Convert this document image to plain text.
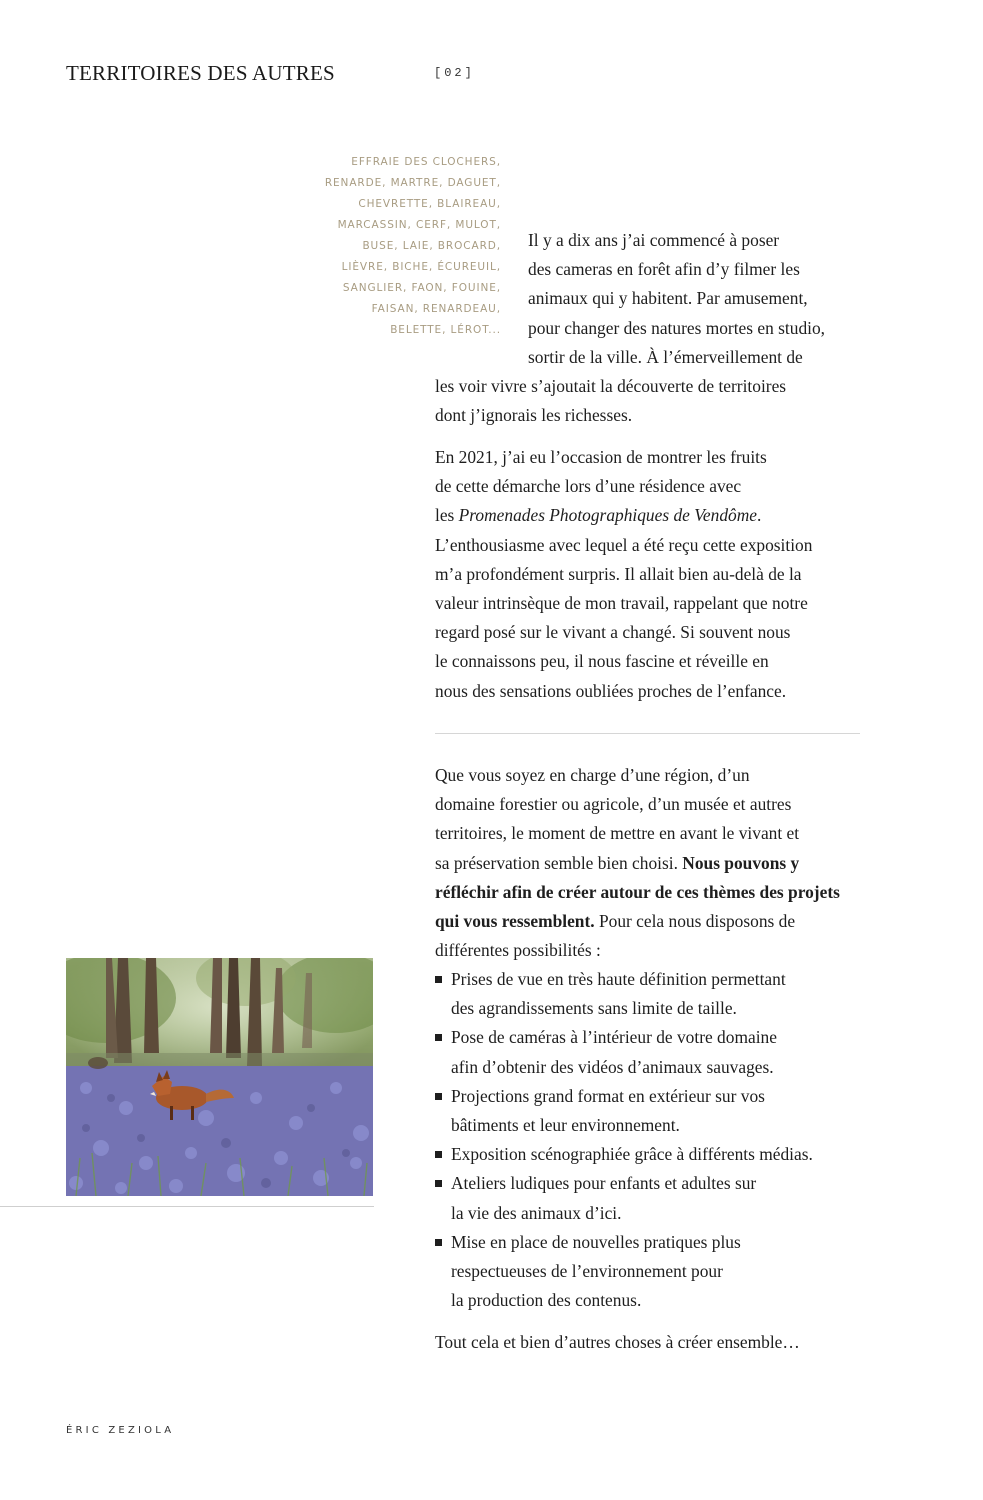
TERRITOIRES DES AUTRES	[02]
EFFRAIE DES CLOCHERS,
RENARDE, MARTRE, DAGUET,
CHEVRETTE, BLAIREAU,
MARCASSIN, CERF, MULOT,
BUSE, LAIE, BROCARD,
LIÈVRE, BICHE, ÉCUREUIL,
SANGLIER, FAON, FOUINE,
FAISAN, RENARDEAU,
BELETTE, LÉROT...
Il y a dix ans j’ai commencé à poser
des cameras en forêt afin d’y filmer les
animaux qui y habitent. Par amusement,
pour changer des natures mortes en studio,
sortir de la ville. À l’émerveillement de
les voir vivre s’ajoutait la découverte de territoires
dont j’ignorais les richesses.
En 2021, j’ai eu l’occasion de montrer les fruits
de cette démarche lors d’une résidence avec
les Promenades Photographiques de Vendôme.
L’enthousiasme avec lequel a été reçu cette exposition
m’a profondément surpris. Il allait bien au-delà de la
valeur intrinsèque de mon travail, rappelant que notre
regard posé sur le vivant a changé. Si souvent nous
le connaissons peu, il nous fascine et réveille en
nous des sensations oubliées proches de l’enfance.
Que vous soyez en charge d’une région, d’un
domaine forestier ou agricole, d’un musée et autres
territoires, le moment de mettre en avant le vivant et
sa préservation semble bien choisi. Nous pouvons y
réfléchir afin de créer autour de ces thèmes des projets
qui vous ressemblent. Pour cela nous disposons de
différentes possibilités :
Prises de vue en très haute définition permettant
des agrandissements sans limite de taille.
Pose de caméras à l’intérieur de votre domaine
afin d’obtenir des vidéos d’animaux sauvages.
Projections grand format en extérieur sur vos
bâtiments et leur environnement.
Exposition scénographiée grâce à différents médias.
Ateliers ludiques pour enfants et adultes sur
la vie des animaux d’ici.
Mise en place de nouvelles pratiques plus
respectueuses de l’environnement pour
la production des contenus.
Tout cela et bien d’autres choses à créer ensemble…
ÉRIC ZEZIOLA
